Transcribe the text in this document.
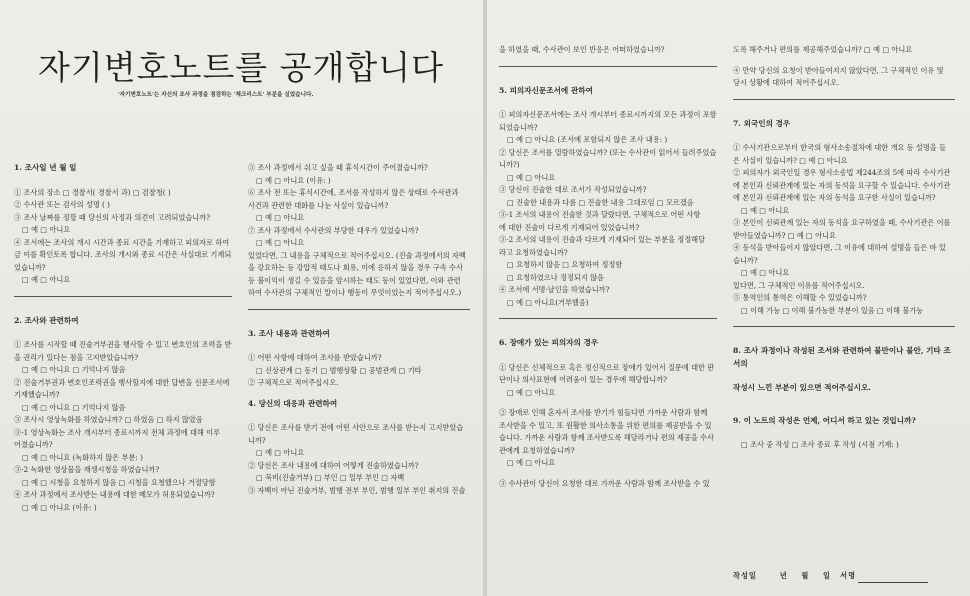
자기변호노트를 공개합니다
'자기변호노트'는 자신의 조사 과정을 점검하는 '체크리스트' 부분을 실었습니다.

1. 조사일 년 월 일

① 조사의 장소 □ 경찰서( 경찰서 과) □ 검찰청( )

② 수사관 또는 검사의 성명 ( )

③ 조사 날짜를 정할 때 당신의 사정과 의견이 고려되었습니까?

□ 예 □ 아니요

④ 조서에는 조사의 개시 시간과 종료 시간을 기재하고 피의자로 하여

금 이를 확인토록 합니다. 조사의 개시와 종료 시간은 사실대로 기재되

었습니까?

□ 예 □ 아니요

2. 조사와 관련하여

① 조사를 시작할 때 진술거부권을 행사할 수 있고 변호인의 조력을 받

을 권리가 있다는 점을 고지받았습니까?

□ 예 □ 아니요 □ 기억나지 않음

② 진술거부권과 변호인조력권을 행사할지에 대한 답변을 신문조서에

기재했습니까?

□ 예 □ 아니요 □ 기억나지 않음

③ 조사시 영상녹화를 하였습니까? □ 하였음 □ 하지 않았음

③-1 영상녹화는 조사 개시부터 종료시까지 전체 과정에 대해 이루

어졌습니까?

□ 예 □ 아니요 (녹화하지 않은 부분: )

③-2 녹화한 영상물을 재생시청을 하였습니까?

□ 예 □ 시청을 요청하지 않음 □ 시청을 요청했으나 거절당함

④ 조사 과정에서 조사받는 내용에 대한 메모가 허용되었습니까?

□ 예 □ 아니요 (이유: )

⑤ 조사 과정에서 쉬고 싶을 때 휴식시간이 주어졌습니까?

□ 예 □ 아니요 (이유: )

⑥ 조사 전 또는 휴식시간에, 조서를 작성하지 않은 상태로 수사관과

사건과 관련한 대화를 나눈 사실이 있습니까?

□ 예 □ 아니요

⑦ 조사 과정에서 수사관의 부당한 대우가 있었습니까?

□ 예 □ 아니요

있었다면, 그 내용을 구체적으로 적어주십시오. (진술 과정에서의 자백

을 강요하는 등 강압적 태도나 회유, 이에 응하지 않을 경우 구속 수사

등 불이익이 생길 수 있음을 암시하는 태도 등이 있었다면, 이와 관련

하여 수사관의 구체적인 말이나 행동이 무엇이었는지 적어주십시오.)

3. 조사 내용과 관련하여

① 어떤 사항에 대하여 조사를 받았습니까?

□ 신상관계 □ 동기 □ 범행상황 □ 공범관계 □ 기타

② 구체적으로 적어주십시오.

4. 당신의 대응과 관련하여

① 당신은 조사를 받기 전에 어떤 사안으로 조사를 받는지 고지받았습

니까?

□ 예 □ 아니요

② 당신은 조사 내용에 대하여 어떻게 진술하였습니까?

□ 묵비(진술거부) □ 부인 □ 일부 부인 □ 자백

③ 자백이 아닌 진술거부, 범행 전부 부인, 범행 일부 부인 취지의 진술

을 하였을 때, 수사관이 보인 반응은 어떠하였습니까?

5. 피의자신문조서에 관하여

① 피의자신문조서에는 조사 개시부터 종료시까지의 모든 과정이 포함

되었습니까?

□ 예 □ 아니요 (조서에 포함되지 않은 조사 내용: )

② 당신은 조서를 열람하였습니까? (또는 수사관이 읽어서 들려주었습

니까?)

□ 예 □ 아니요

③ 당신이 진술한 대로 조서가 작성되었습니까?

□ 진술한 내용과 다름 □ 진술한 내용 그대로임 □ 모르겠음

③-1 조서의 내용이 진술한 것과 달랐다면, 구체적으로 어떤 사항

에 대한 진술이 다르게 기재되어 있었습니까?

③-2 조서의 내용이 진술과 다르게 기재되어 있는 부분을 정정해달

라고 요청하였습니까?

□ 요청하지 않음 □ 요청하여 정정함

□ 요청하였으나 정정되지 않음

④ 조서에 서명·날인을 하였습니까?

□ 예 □ 아니요(거부했음)

6. 장애가 있는 피의자의 경우

① 당신은 신체적으로 혹은 정신적으로 장애가 있어서 질문에 대한 판

단이나 의사표현에 어려움이 있는 경우에 해당합니까?

□ 예 □ 아니요

② 장애로 인해 혼자서 조사를 받기가 힘들다면 가까운 사람과 함께

조사받을 수 있고, 또 원활한 의사소통을 위한 편의를 제공받을 수 있

습니다. 가까운 사람과 함께 조사받도록 해달라거나 편의 제공을 수사

관에게 요청하였습니까?

□ 예 □ 아니요

③ 수사관이 당신이 요청한 대로 가까운 사람과 함께 조사받을 수 있

도록 해주거나 편의를 제공해주었습니까? □ 예 □ 아니요

④ 만약 당신의 요청이 받아들여지지 않았다면, 그 구체적인 이유 및

당시 상황에 대하여 적어주십시오.

7. 외국인의 경우

① 수사기관으로부터 한국의 형사소송절차에 대한 개요 등 설명을 들

은 사실이 있습니까? □ 예 □ 아니요

② 피의자가 외국인일 경우 형사소송법 제244조의 5에 따라 수사기관

에 본인과 신뢰관계에 있는 자의 동석을 요구할 수 있습니다. 수사기관

에 본인과 신뢰관계에 있는 자의 동석을 요구한 사실이 있습니까?

□ 예 □ 아니요

③ 본인이 신뢰관계 있는 자의 동석을 요구하였을 때, 수사기관은 이를

받아들였습니까? □ 예 □ 아니요

④ 동석을 받아들이지 않았다면, 그 이유에 대하여 설명을 들은 바 있

습니까?

□ 예 □ 아니요

있다면, 그 구체적인 이유를 적어주십시오.

⑤ 통역인의 통역은 이해할 수 있었습니까?

□ 이해 가능 □ 이해 불가능한 부분이 있음 □ 이해 불가능

8. 조사 과정이나 작성된 조서와 관련하여 불만이나 불안, 기타 조서의

작성시 느낀 부분이 있으면 적어주십시오.

9. 이 노트의 작성은 언제, 어디서 하고 있는 것입니까?

□ 조사 중 작성 □ 조사 종료 후 작성 (시점 기재: )

작성일	년 월 일 서명
